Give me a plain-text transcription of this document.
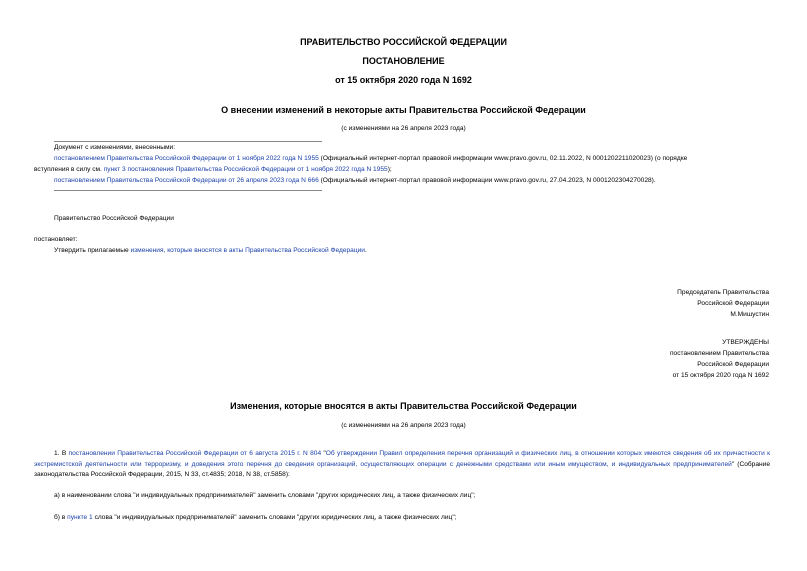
ПРАВИТЕЛЬСТВО РОССИЙСКОЙ ФЕДЕРАЦИИ
ПОСТАНОВЛЕНИЕ
от 15 октября 2020 года N 1692
О внесении изменений в некоторые акты Правительства Российской Федерации
(с изменениями на 26 апреля 2023 года)
Документ с изменениями, внесенными:
постановлением Правительства Российской Федерации от 1 ноября 2022 года N 1955 (Официальный интернет-портал правовой информации www.pravo.gov.ru, 02.11.2022, N 0001202211020023) (о порядке
вступления в силу см. пункт 3 постановления Правительства Российской Федерации от 1 ноября 2022 года N 1955);
постановлением Правительства Российской Федерации от 26 апреля 2023 года N 666 (Официальный интернет-портал правовой информации www.pravo.gov.ru, 27.04.2023, N 0001202304270028).
Правительство Российской Федерации
постановляет:
Утвердить прилагаемые изменения, которые вносятся в акты Правительства Российской Федерации.
Председатель Правительства
Российской Федерации
М.Мишустин
УТВЕРЖДЕНЫ
постановлением Правительства
Российской Федерации
от 15 октября 2020 года N 1692
Изменения, которые вносятся в акты Правительства Российской Федерации
(с изменениями на 26 апреля 2023 года)
1. В постановлении Правительства Российской Федерации от 6 августа 2015 г. N 804 "Об утверждении Правил определения перечня организаций и физических лиц, в отношении которых имеются сведения об их причастности к экстремистской деятельности или терроризму, и доведения этого перечня до сведения организаций, осуществляющих операции с денежными средствами или иным имуществом, и индивидуальных предпринимателей" (Собрание законодательства Российской Федерации, 2015, N 33, ст.4835; 2018, N 38, ст.5858):
а) в наименовании слова "и индивидуальных предпринимателей" заменить словами "других юридических лиц, а также физических лиц";
б) в пункте 1 слова "и индивидуальных предпринимателей" заменить словами "других юридических лиц, а также физических лиц";
